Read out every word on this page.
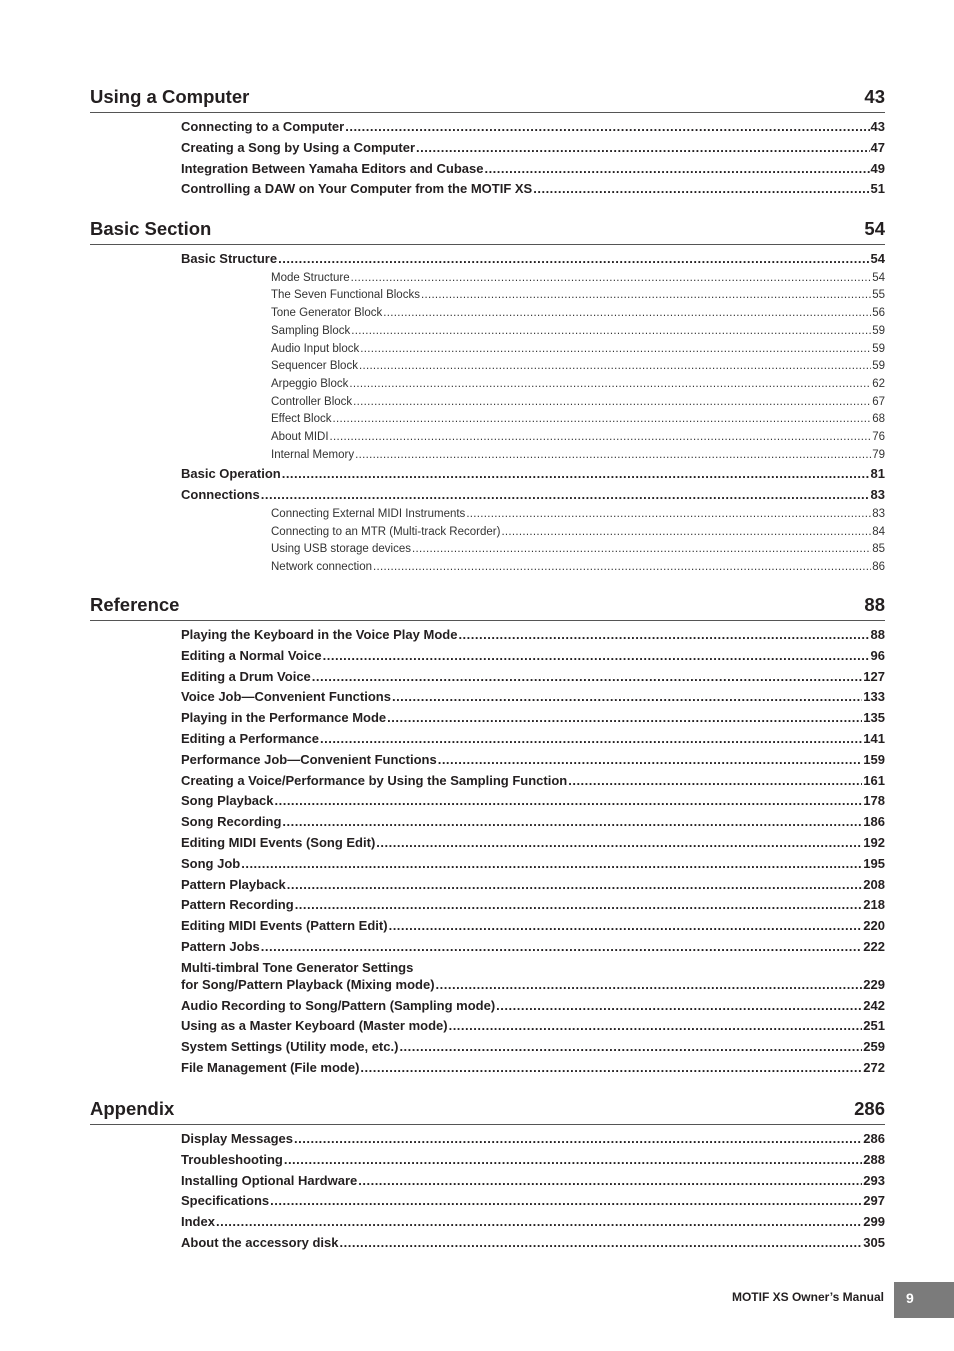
Using a Computer	43
Connecting to a Computer .....	43
Creating a Song by Using a Computer .....	47
Integration Between Yamaha Editors and Cubase .....	49
Controlling a DAW on Your Computer from the MOTIF XS .....	51
Basic Section	54
Basic Structure .....	54
Mode Structure .....	54
The Seven Functional Blocks .....	55
Tone Generator Block .....	56
Sampling Block .....	59
Audio Input block .....	59
Sequencer Block .....	59
Arpeggio Block .....	62
Controller Block .....	67
Effect Block .....	68
About MIDI .....	76
Internal Memory .....	79
Basic Operation .....	81
Connections .....	83
Connecting External MIDI Instruments .....	83
Connecting to an MTR (Multi-track Recorder) .....	84
Using USB storage devices .....	85
Network connection .....	86
Reference	88
Playing the Keyboard in the Voice Play Mode .....	88
Editing a Normal Voice .....	96
Editing a Drum Voice .....	127
Voice Job—Convenient Functions .....	133
Playing in the Performance Mode .....	135
Editing a Performance .....	141
Performance Job—Convenient Functions .....	159
Creating a Voice/Performance by Using the Sampling Function .....	161
Song Playback .....	178
Song Recording .....	186
Editing MIDI Events (Song Edit) .....	192
Song Job .....	195
Pattern Playback .....	208
Pattern Recording .....	218
Editing MIDI Events (Pattern Edit) .....	220
Pattern Jobs .....	222
Multi-timbral Tone Generator Settings
for Song/Pattern Playback (Mixing mode) .....	229
Audio Recording to Song/Pattern (Sampling mode) .....	242
Using as a Master Keyboard (Master mode) .....	251
System Settings (Utility mode, etc.) .....	259
File Management (File mode) .....	272
Appendix	286
Display Messages .....	286
Troubleshooting .....	288
Installing Optional Hardware .....	293
Specifications .....	297
Index .....	299
About the accessory disk .....	305
MOTIF XS Owner’s Manual	9
